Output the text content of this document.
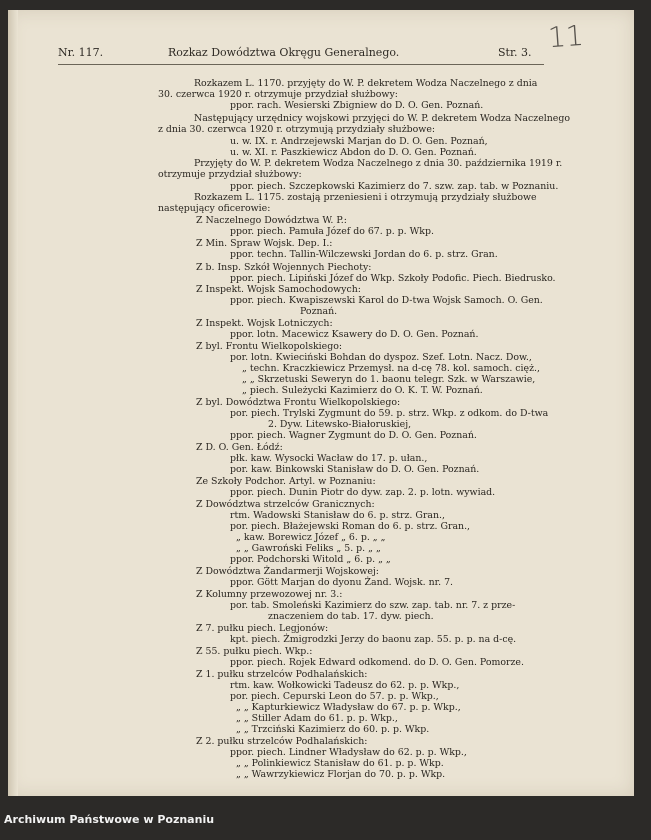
Nr. 117.	Rozkaz Dowództwa Okręgu Generalnego.	Str. 3. 11
Rozkazem L. 1170. przyjęty do W. P. dekretem Wodza Naczelnego z dnia
30. czerwca 1920 r. otrzymuje przydział służbowy:
ppor. rach. Wesierski Zbigniew do D. O. Gen. Poznań.
Następujący urzędnicy wojskowi przyjęci do W. P. dekretem Wodza Naczelnego
z dnia 30. czerwca 1920 r. otrzymują przydziały służbowe:
u. w. IX. r. Andrzejewski Marjan do D. O. Gen. Poznań,
u. w. XI. r. Paszkiewicz Abdon do D. O. Gen. Poznań.
Przyjęty do W. P. dekretem Wodza Naczelnego z dnia 30. października 1919 r.
otrzymuje przydział służbowy:
ppor. piech. Szczepkowski Kazimierz do 7. szw. zap. tab. w Poznaniu.
Rozkazem L. 1175. zostają przeniesieni i otrzymują przydziały służbowe
następujący oficerowie:
Z Naczelnego Dowództwa W. P.:
ppor. piech. Pamuła Józef do 67. p. p. Wkp.
Z Min. Spraw Wojsk. Dep. I.:
ppor. techn. Tallin-Wilczewski Jordan do 6. p. strz. Gran.
Z b. Insp. Szkół Wojennych Piechoty:
ppor. piech. Lipiński Józef do Wkp. Szkoły Podofic. Piech. Biedrusko.
Z Inspekt. Wojsk Samochodowych:
ppor. piech. Kwapiszewski Karol do D-twa Wojsk Samoch. O. Gen.
Poznań.
Z Inspekt. Wojsk Lotniczych:
ppor. lotn. Macewicz Ksawery do D. O. Gen. Poznań.
Z byl. Frontu Wielkopolskiego:
por. lotn. Kwieciński Bohdan do dyspoz. Szef. Lotn. Nacz. Dow.,
„ techn. Kraczkiewicz Przemysł. na d-cę 78. kol. samoch. cięż.,
„ „ Skrzetuski Seweryn do 1. baonu telegr. Szk. w Warszawie,
„ piech. Suleżycki Kazimierz do O. K. T. W. Poznań.
Z byl. Dowództwa Frontu Wielkopolskiego:
por. piech. Trylski Zygmunt do 59. p. strz. Wkp. z odkom. do D-twa
2. Dyw. Litewsko-Białoruskiej,
ppor. piech. Wagner Zygmunt do D. O. Gen. Poznań.
Z D. O. Gen. Łódź:
płk. kaw. Wysocki Wacław do 17. p. ułan.,
por. kaw. Binkowski Stanisław do D. O. Gen. Poznań.
Ze Szkoły Podchor. Artyl. w Poznaniu:
ppor. piech. Dunin Piotr do dyw. zap. 2. p. lotn. wywiad.
Z Dowództwa strzelców Granicznych:
rtm. Wadowski Stanisław do 6. p. strz. Gran.,
por. piech. Błażejewski Roman do 6. p. strz. Gran.,
„ kaw. Borewicz Józef „ 6. p. „ „
„ „ Gawroński Feliks „ 5. p. „ „
ppor. Podchorski Witold „ 6. p. „ „
Z Dowództwa Żandarmerji Wojskowej:
ppor. Gött Marjan do dyonu Żand. Wojsk. nr. 7.
Z Kolumny przewozowej nr. 3.:
por. tab. Smoleński Kazimierz do szw. zap. tab. nr. 7. z prze-
znaczeniem do tab. 17. dyw. piech.
Z 7. pułku piech. Legjonów:
kpt. piech. Żmigrodzki Jerzy do baonu zap. 55. p. p. na d-cę.
Z 55. pułku piech. Wkp.:
ppor. piech. Rojek Edward odkomend. do D. O. Gen. Pomorze.
Z 1. pułku strzelców Podhalańskich:
rtm. kaw. Wołkowicki Tadeusz do 62. p. p. Wkp.,
por. piech. Cepurski Leon do 57. p. p. Wkp.,
„ „ Kapturkiewicz Władysław do 67. p. p. Wkp.,
„ „ Stiller Adam do 61. p. p. Wkp.,
„ „ Trzciński Kazimierz do 60. p. p. Wkp.
Z 2. pułku strzelców Podhalańskich:
ppor. piech. Lindner Władysław do 62. p. p. Wkp.,
„ „ Polinkiewicz Stanisław do 61. p. p. Wkp.
„ „ Wawrzykiewicz Florjan do 70. p. p. Wkp.
Archiwum Państwowe w Poznaniu
